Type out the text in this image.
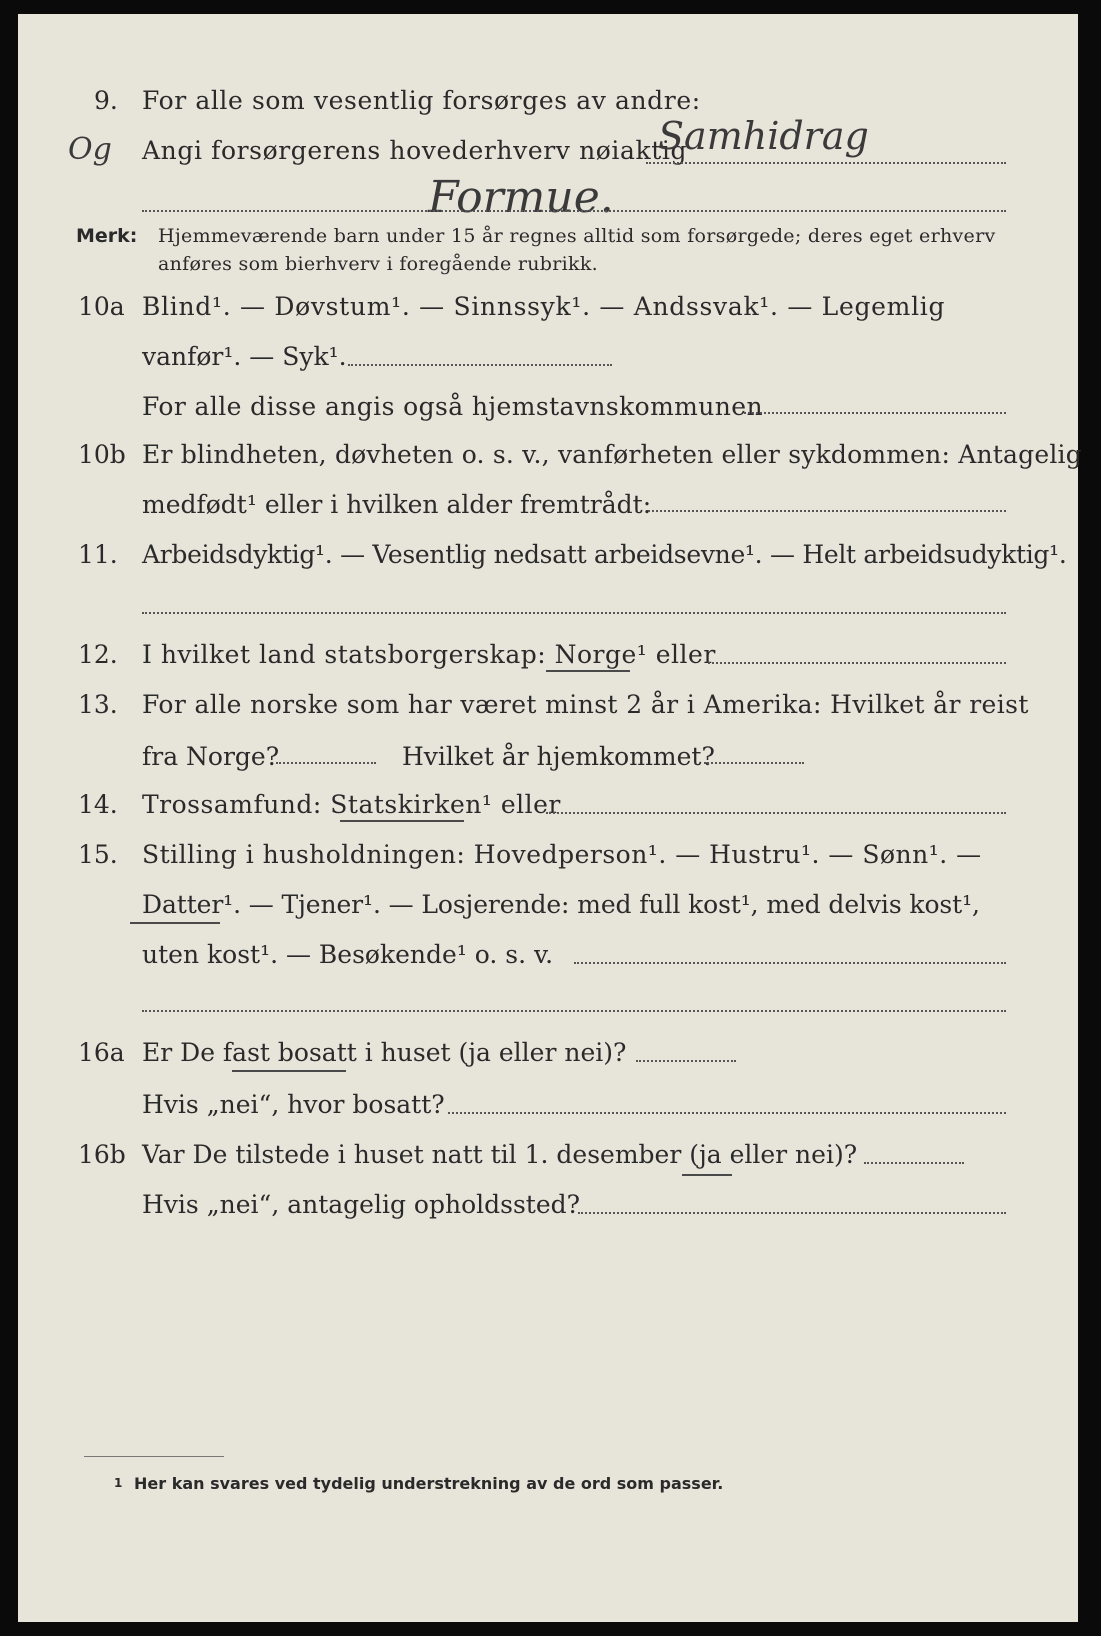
9. For alle som vesentlig forsørges av andre:
Og Angi forsørgerens hovederhverv nøiaktig
Samhidrag
Formue.
Merk: Hjemmeværende barn under 15 år regnes alltid som forsørgede; deres eget erhverv
anføres som bierhverv i foregående rubrikk.
10a Blind¹. — Døvstum¹. — Sinnssyk¹. — Andssvak¹. — Legemlig
vanfør¹. — Syk¹.
For alle disse angis også hjemstavnskommunen
10b Er blindheten, døvheten o. s. v., vanførheten eller sykdommen: Antagelig
medfødt¹ eller i hvilken alder fremtrådt:
11. Arbeidsdyktig¹. — Vesentlig nedsatt arbeidsevne¹. — Helt arbeidsudyktig¹.
12. I hvilket land statsborgerskap: Norge¹ eller
13. For alle norske som har været minst 2 år i Amerika: Hvilket år reist
fra Norge?	Hvilket år hjemkommet?
14. Trossamfund: Statskirken¹ eller
15. Stilling i husholdningen: Hovedperson¹. — Hustru¹. — Sønn¹. —
Datter¹. — Tjener¹. — Losjerende: med full kost¹, med delvis kost¹,
uten kost¹. — Besøkende¹ o. s. v.
16a Er De fast bosatt i huset (ja eller nei)?
Hvis „nei“, hvor bosatt?
16b Var De tilstede i huset natt til 1. desember (ja eller nei)?
Hvis „nei“, antagelig opholdssted?
1 Her kan svares ved tydelig understrekning av de ord som passer.
